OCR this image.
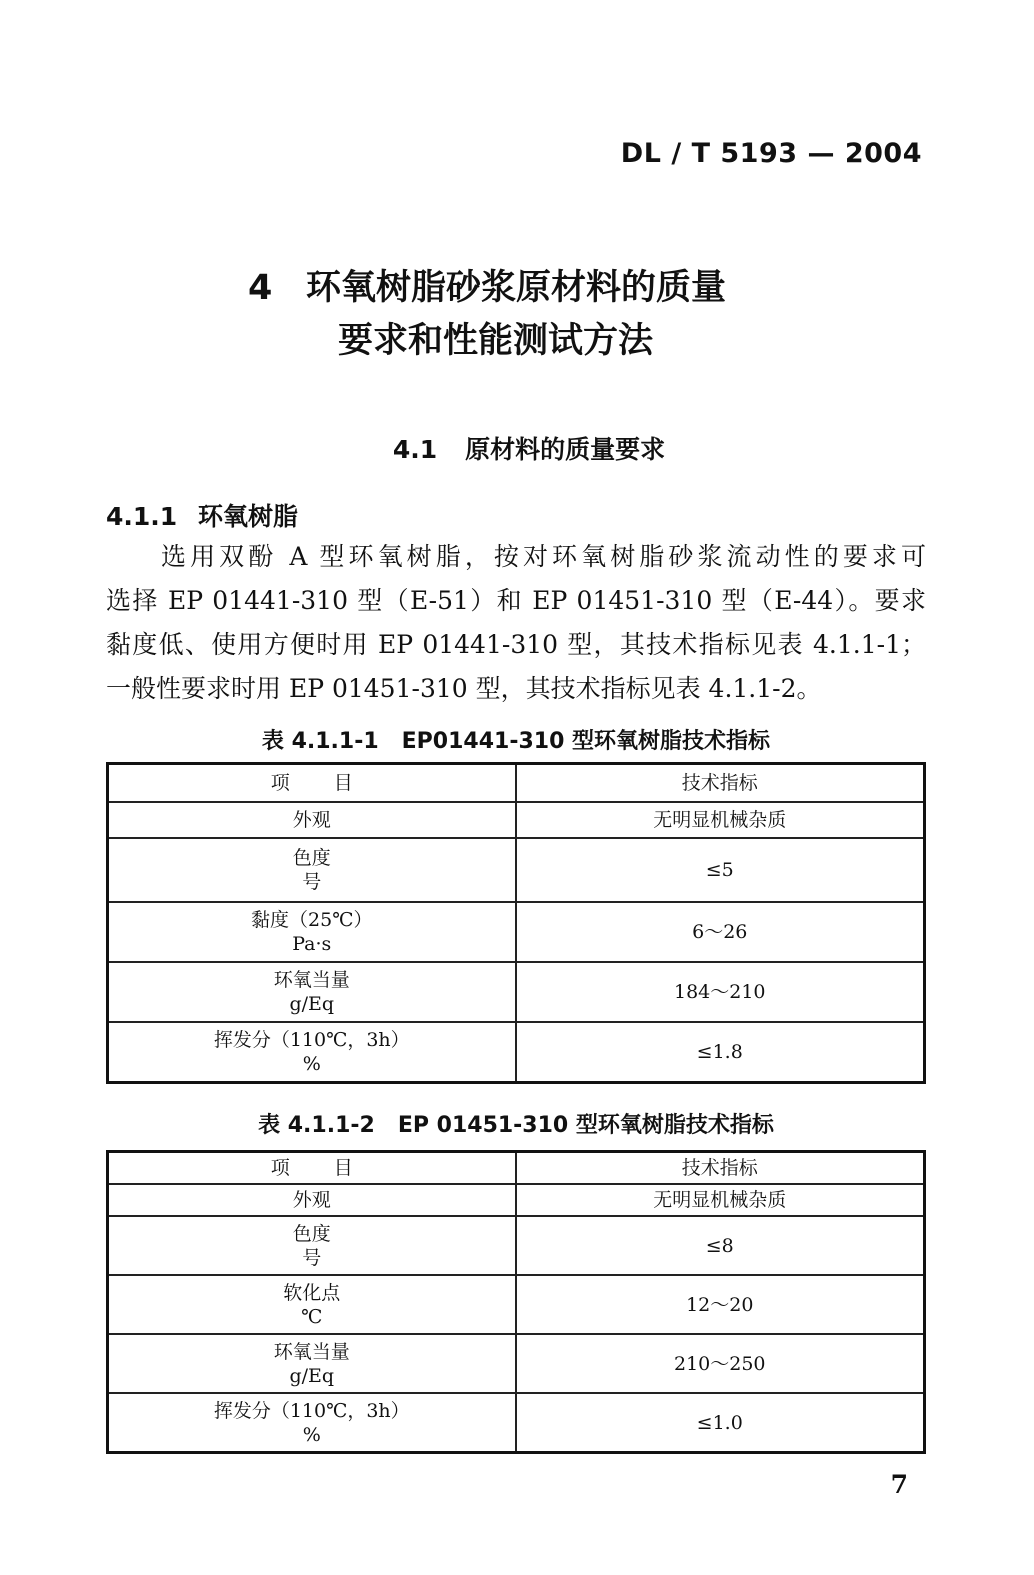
DL / T 5193 — 2004
4 环氧树脂砂浆原材料的质量
要求和性能测试方法
4.1 原材料的质量要求
4.1.1 环氧树脂
选用双酚 A 型环氧树脂，按对环氧树脂砂浆流动性的要求可
选择 EP 01441-310 型（E-51）和 EP 01451-310 型（E-44）。要求
黏度低、使用方便时用 EP 01441-310 型，其技术指标见表 4.1.1-1；
一般性要求时用 EP 01451-310 型，其技术指标见表 4.1.1-2。
表 4.1.1-1 EP01441-310 型环氧树脂技术指标
项 目	技术指标
外观	无明显机械杂质

色度
号	≤5

黏度（25℃）
Pa·s	6～26

环氧当量
g/Eq	184～210

挥发分（110℃，3h）
%	≤1.8
表 4.1.1-2 EP 01451-310 型环氧树脂技术指标
项 目	技术指标
外观	无明显机械杂质

色度
号	≤8

软化点
℃	12～20

环氧当量
g/Eq	210～250

挥发分（110℃，3h）
%	≤1.0
7
